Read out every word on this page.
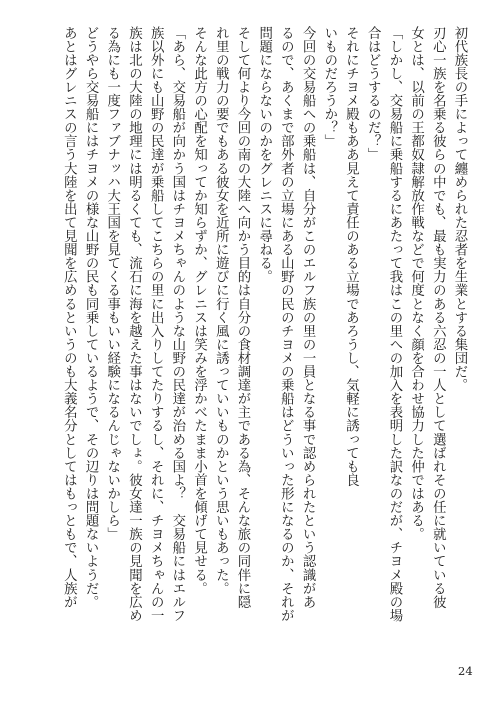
初代族長の手によって纏められた忍者を生業とする集団だ。
刃心一族を名乗る彼らの中でも、最も実力のある六忍の一人として選ばれその任に就いている彼
女とは、以前の王都奴隷解放作戦などで何度となく顔を合わせ協力した仲ではある。
「しかし、交易船に乗船するにあたって我はこの里への加入を表明した訳なのだが、チヨメ殿の場
合はどうするのだ？」
それにチヨメ殿もああ見えて責任のある立場であろうし、気軽に誘っても良
いものだろうか？」
今回の交易船への乗船は、自分がこのエルフ族の里の一員となる事で認められたという認識があ
るので、あくまで部外者の立場にある山野の民のチヨメの乗船はどういった形になるのか、それが
問題にならないのかをグレニスに尋ねる。
そして何より今回の南の大陸へ向かう目的は自分の食材調達が主である為、そんな旅の同伴に隠
れ里の戦力の要でもある彼女を近所に遊びに行く風に誘っていいものかという思いもあった。
そんな此方の心配を知ってか知らずか、グレニスは笑みを浮かべたまま小首を傾げて見せる。
「あら、交易船が向かう国はチヨメちゃんのような山野の民達が治める国よ？　交易船にはエルフ
族以外にも山野の民達が乗船してこちらの里に出入りしてたりするし、それに、チヨメちゃんの一
族は北の大陸の地理には明るくても、流石に海を越えた事はないでしょ。彼女達一族の見聞を広め
る為にも一度ファブナッハ大王国を見てくる事もいい経験になるんじゃないかしら」
どうやら交易船にはチヨメの様な山野の民も同乗しているようで、その辺りは問題ないようだ。
あとはグレニスの言う大陸を出て見聞を広めるというのも大義名分としてはもっともで、人族が
24
